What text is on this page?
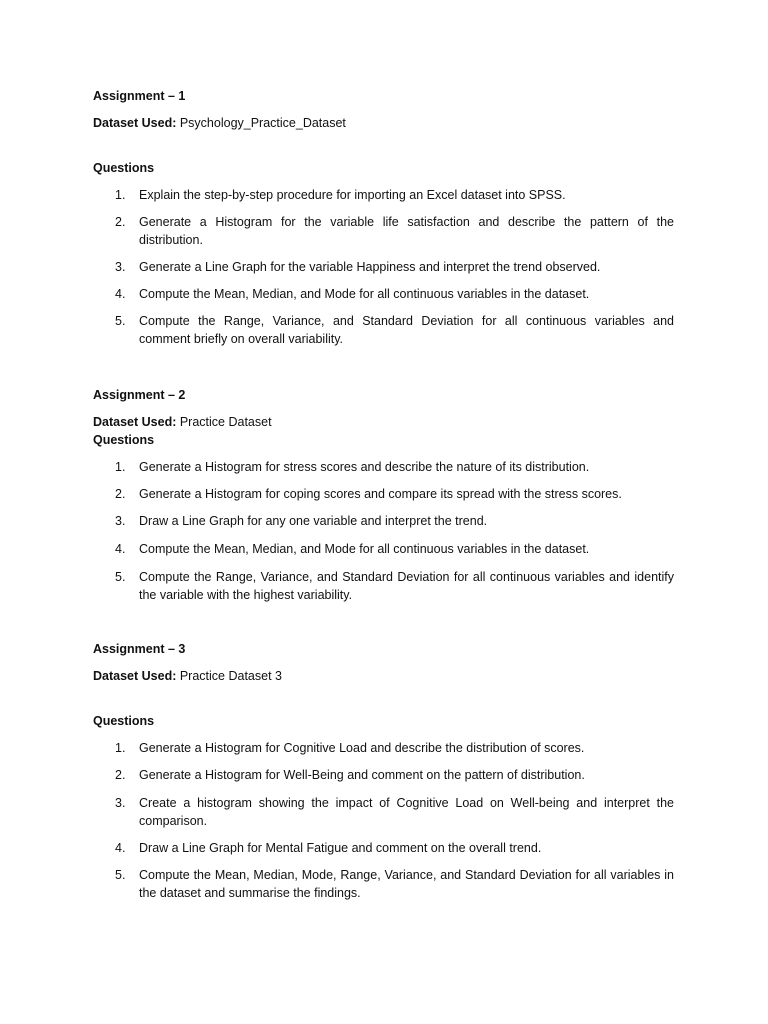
Assignment – 1
Dataset Used: Psychology_Practice_Dataset
Questions
1. Explain the step-by-step procedure for importing an Excel dataset into SPSS.
2. Generate a Histogram for the variable life satisfaction and describe the pattern of the distribution.
3. Generate a Line Graph for the variable Happiness and interpret the trend observed.
4. Compute the Mean, Median, and Mode for all continuous variables in the dataset.
5. Compute the Range, Variance, and Standard Deviation for all continuous variables and comment briefly on overall variability.
Assignment – 2
Dataset Used: Practice Dataset
Questions
1. Generate a Histogram for stress scores and describe the nature of its distribution.
2. Generate a Histogram for coping scores and compare its spread with the stress scores.
3. Draw a Line Graph for any one variable and interpret the trend.
4. Compute the Mean, Median, and Mode for all continuous variables in the dataset.
5. Compute the Range, Variance, and Standard Deviation for all continuous variables and identify the variable with the highest variability.
Assignment – 3
Dataset Used: Practice Dataset 3
Questions
1. Generate a Histogram for Cognitive Load and describe the distribution of scores.
2. Generate a Histogram for Well-Being and comment on the pattern of distribution.
3. Create a histogram showing the impact of Cognitive Load on Well-being and interpret the comparison.
4. Draw a Line Graph for Mental Fatigue and comment on the overall trend.
5. Compute the Mean, Median, Mode, Range, Variance, and Standard Deviation for all variables in the dataset and summarise the findings.
